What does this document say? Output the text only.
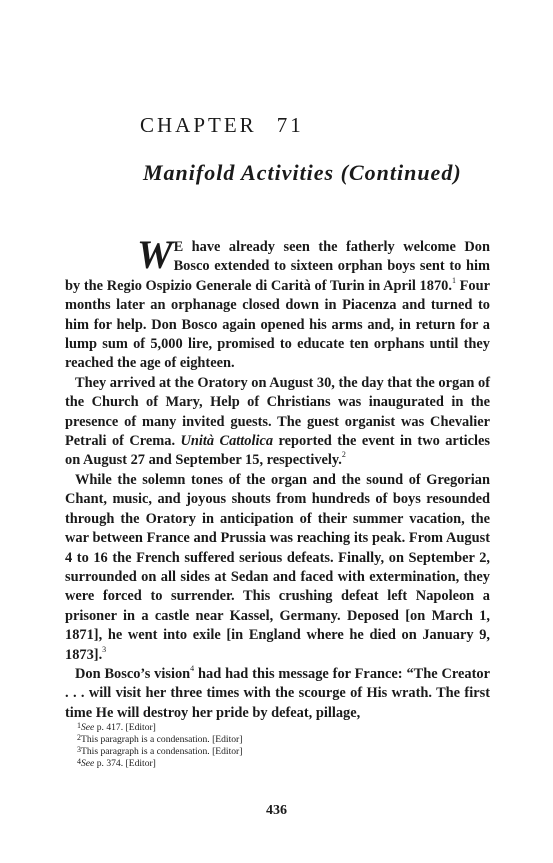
CHAPTER 71
Manifold Activities (Continued)

W E have already seen the fatherly welcome Don Bosco extended to sixteen orphan boys sent to him by the Regio Ospizio Generale di Carità of Turin in April 1870.$^1$ Four months later an orphanage closed down in Piacenza and turned to him for help. Don Bosco again opened his arms and, in return for a lump sum of 5,000 lire, promised to educate ten orphans until they reached the age of eighteen.

They arrived at the Oratory on August 30, the day that the organ of the Church of Mary, Help of Christians was inaugurated in the presence of many invited guests. The guest organist was Chevalier Petrali of Crema. Unità Cattolica reported the event in two articles on August 27 and September 15, respectively.$^2$

While the solemn tones of the organ and the sound of Gregorian Chant, music, and joyous shouts from hundreds of boys resounded through the Oratory in anticipation of their summer vacation, the war between France and Prussia was reaching its peak. From August 4 to 16 the French suffered serious defeats. Finally, on September 2, surrounded on all sides at Sedan and faced with extermination, they were forced to surrender. This crushing defeat left Napoleon a prisoner in a castle near Kassel, Germany. Deposed [on March 1, 1871], he went into exile [in England where he died on January 9, 1873].$^3$

Don Bosco’s vision$^4$ had had this message for France: “The Creator . . . will visit her three times with the scourge of His wrath. The first time He will destroy her pride by defeat, pillage,

$^1$See p. 417. [Editor]
$^2$This paragraph is a condensation. [Editor]
$^3$This paragraph is a condensation. [Editor]
$^4$See p. 374. [Editor]
436
